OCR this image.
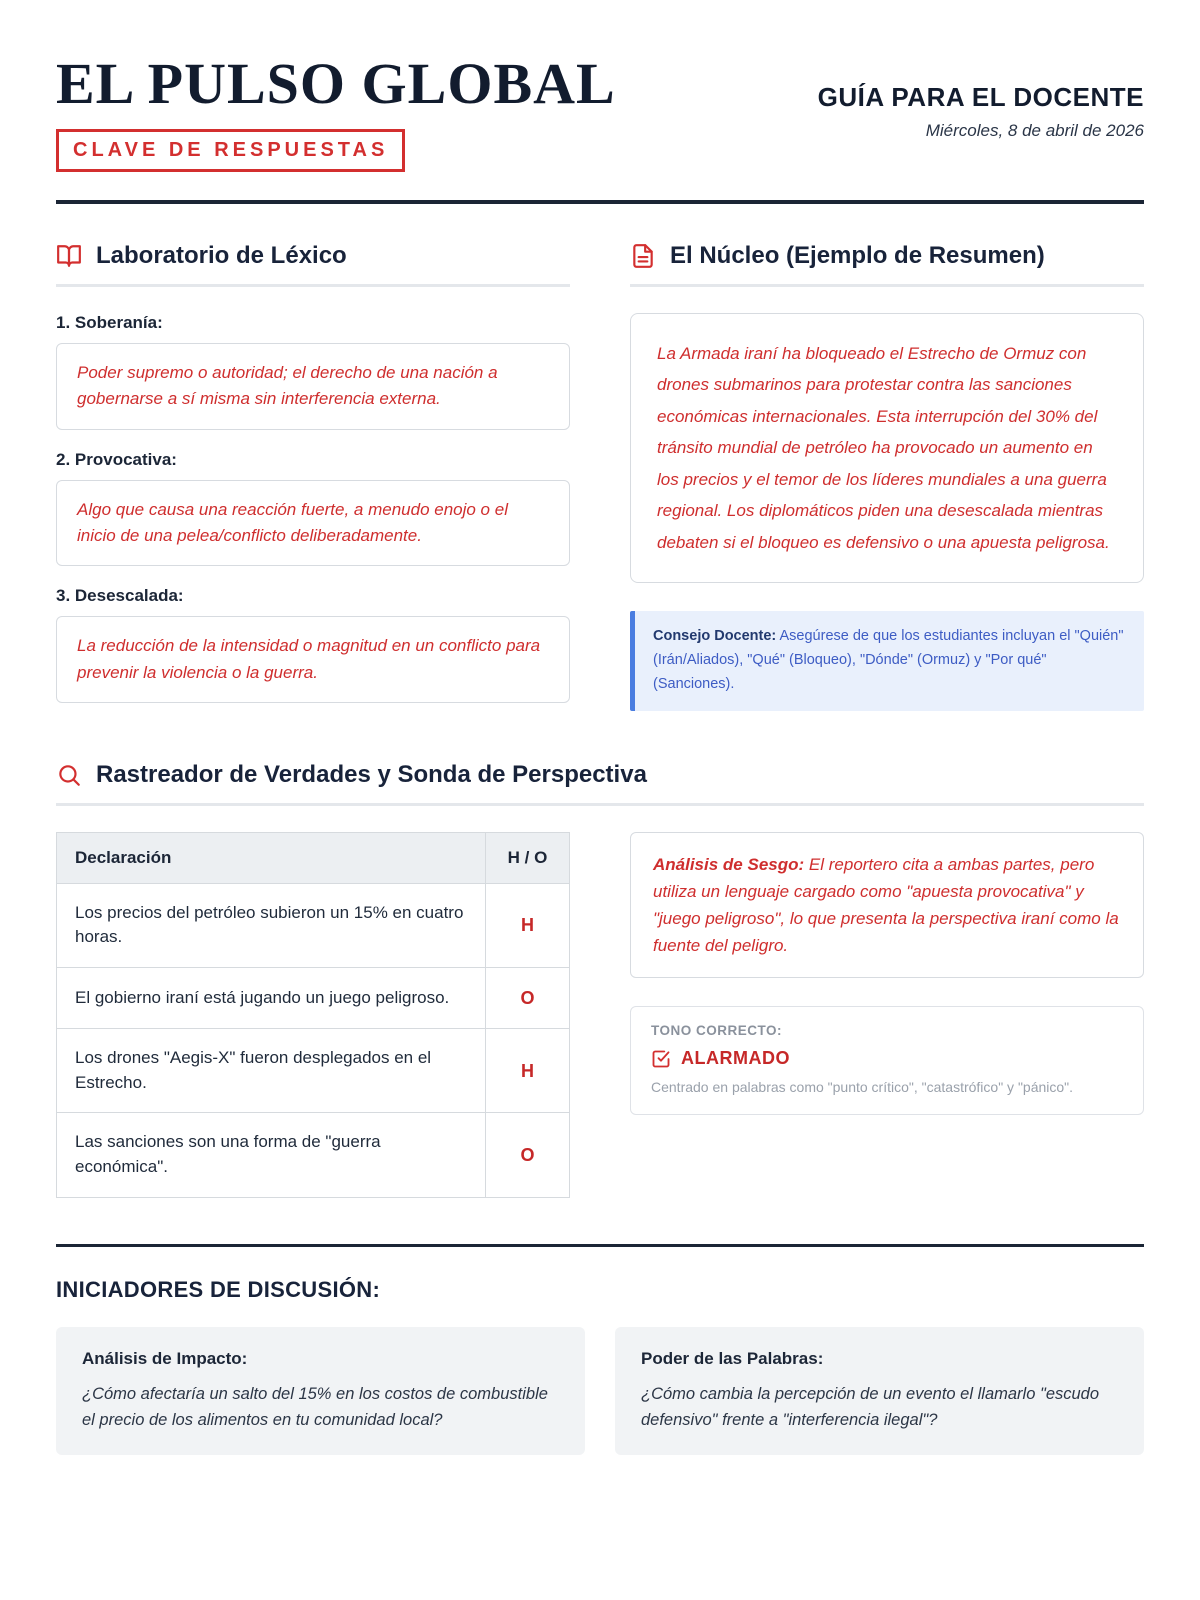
EL PULSO GLOBAL
CLAVE DE RESPUESTAS
GUÍA PARA EL DOCENTE
Miércoles, 8 de abril de 2026
Laboratorio de Léxico
1. Soberanía:
Poder supremo o autoridad; el derecho de una nación a gobernarse a sí misma sin interferencia externa.
2. Provocativa:
Algo que causa una reacción fuerte, a menudo enojo o el inicio de una pelea/conflicto deliberadamente.
3. Desescalada:
La reducción de la intensidad o magnitud en un conflicto para prevenir la violencia o la guerra.
El Núcleo (Ejemplo de Resumen)
La Armada iraní ha bloqueado el Estrecho de Ormuz con drones submarinos para protestar contra las sanciones económicas internacionales. Esta interrupción del 30% del tránsito mundial de petróleo ha provocado un aumento en los precios y el temor de los líderes mundiales a una guerra regional. Los diplomáticos piden una desescalada mientras debaten si el bloqueo es defensivo o una apuesta peligrosa.
Consejo Docente: Asegúrese de que los estudiantes incluyan el "Quién" (Irán/Aliados), "Qué" (Bloqueo), "Dónde" (Ormuz) y "Por qué" (Sanciones).
Rastreador de Verdades y Sonda de Perspectiva
Declaración	H / O
Los precios del petróleo subieron un 15% en cuatro horas.	H
El gobierno iraní está jugando un juego peligroso.	O
Los drones "Aegis-X" fueron desplegados en el Estrecho.	H
Las sanciones son una forma de "guerra económica".	O
Análisis de Sesgo: El reportero cita a ambas partes, pero utiliza un lenguaje cargado como "apuesta provocativa" y "juego peligroso", lo que presenta la perspectiva iraní como la fuente del peligro.
TONO CORRECTO:
ALARMADO
Centrado en palabras como "punto crítico", "catastrófico" y "pánico".
INICIADORES DE DISCUSIÓN:
Análisis de Impacto:
¿Cómo afectaría un salto del 15% en los costos de combustible el precio de los alimentos en tu comunidad local?
Poder de las Palabras:
¿Cómo cambia la percepción de un evento el llamarlo "escudo defensivo" frente a "interferencia ilegal"?
